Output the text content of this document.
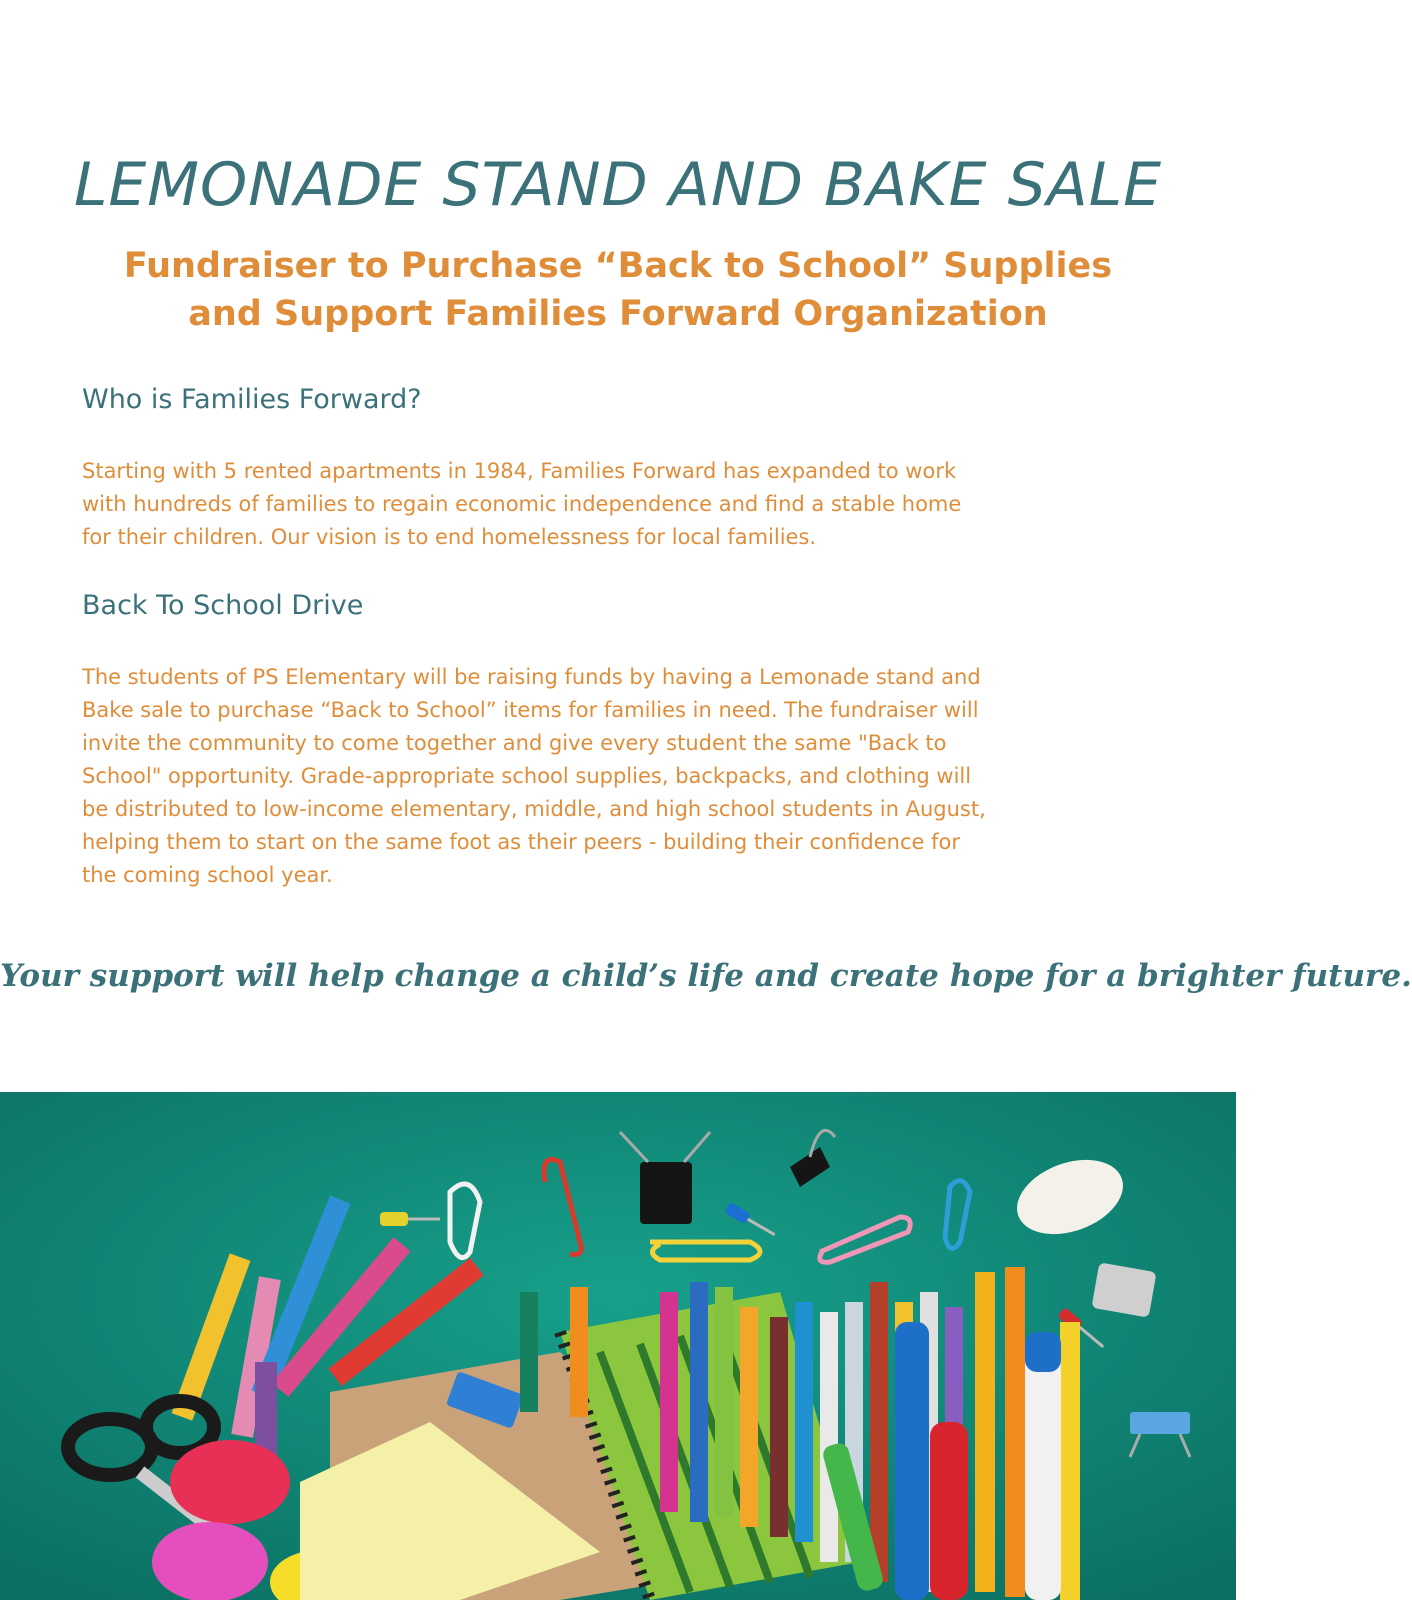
LEMONADE STAND AND BAKE SALE
Fundraiser to Purchase “Back to School” Supplies
and Support Families Forward Organization
Who is Families Forward?
Starting with 5 rented apartments in 1984, Families Forward has expanded to work
with hundreds of families to regain economic independence and find a stable home
for their children. Our vision is to end homelessness for local families.
Back To School Drive
The students of PS Elementary will be raising funds by having a Lemonade stand and
Bake sale to purchase “Back to School” items for families in need. The fundraiser will
invite the community to come together and give every student the same "Back to
School" opportunity. Grade-appropriate school supplies, backpacks, and clothing will
be distributed to low-income elementary, middle, and high school students in August,
helping them to start on the same foot as their peers - building their confidence for
the coming school year.
Your support will help change a child’s life and create hope for a brighter future.
